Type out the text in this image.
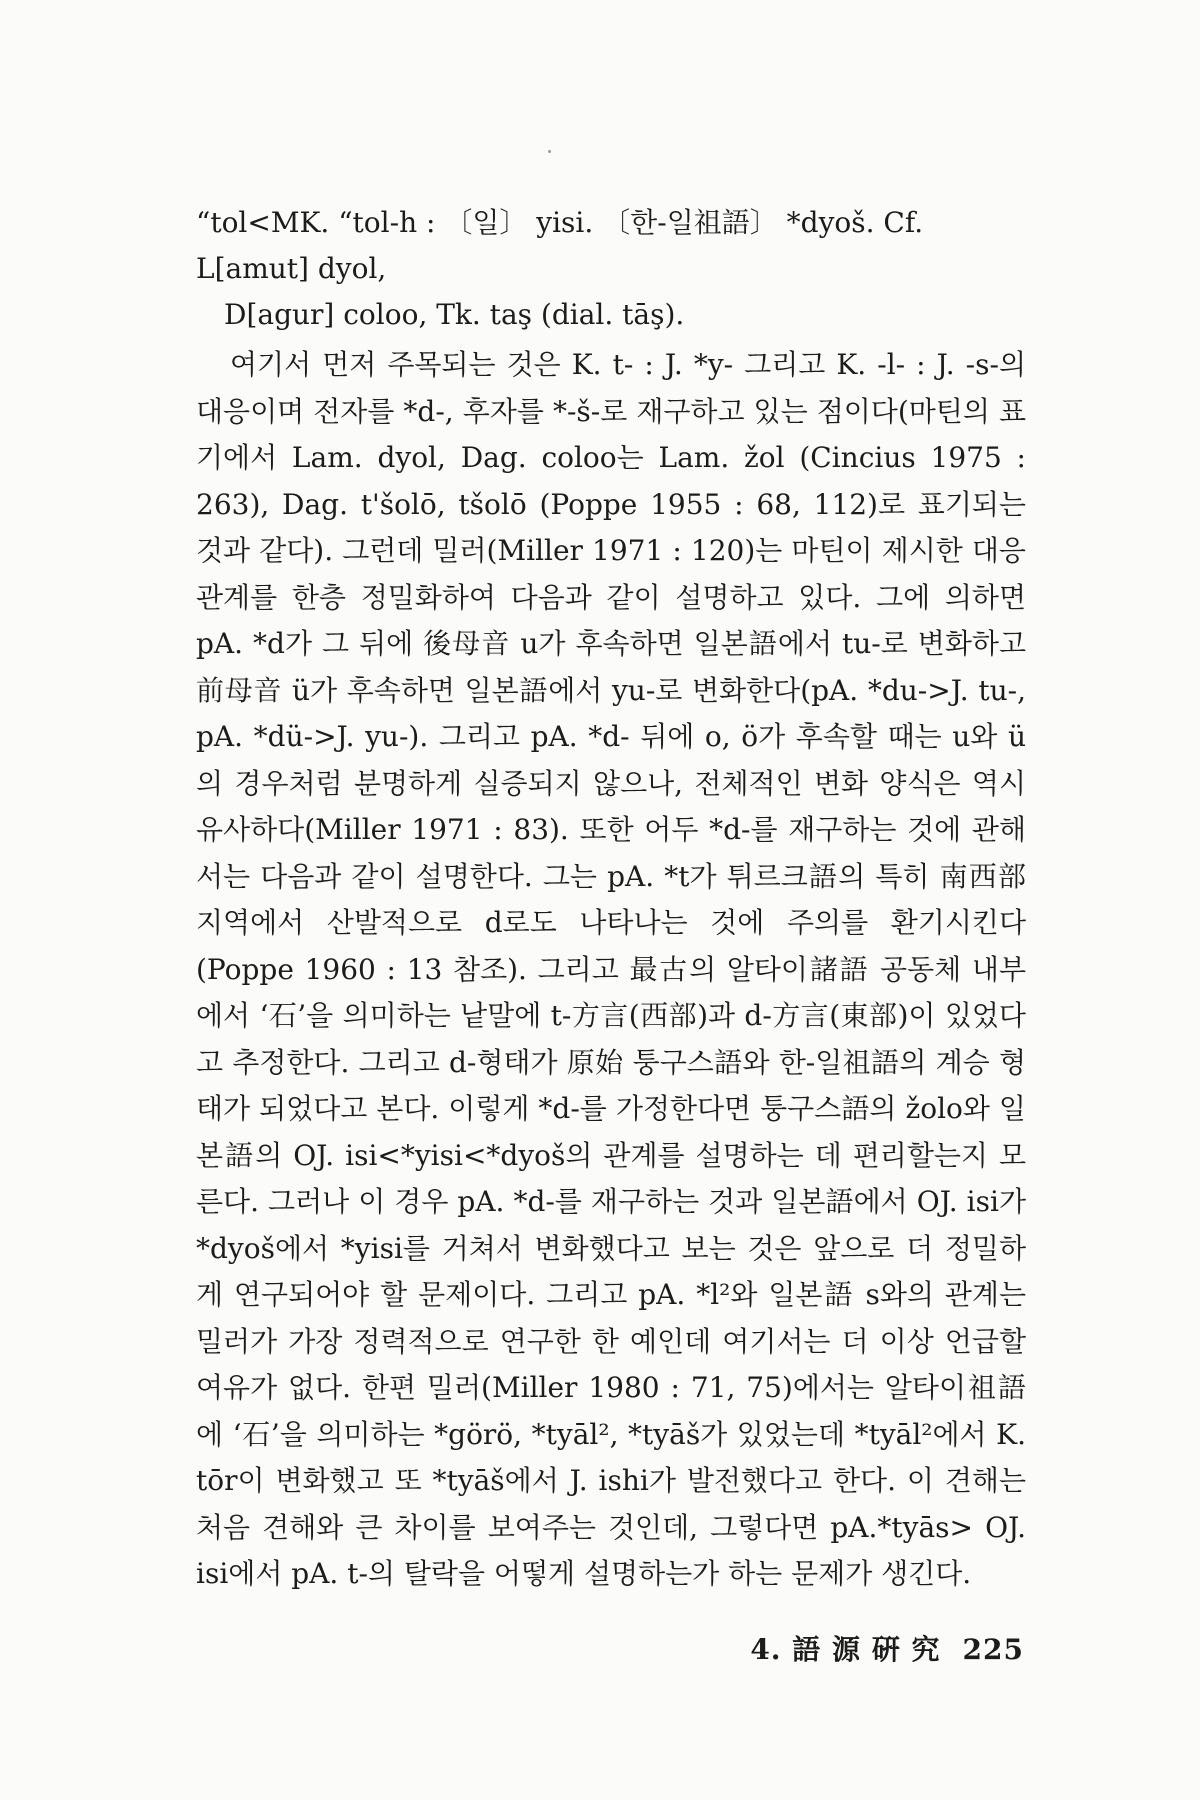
“tol<MK. “tol-h : 〔일〕 yisi. 〔한-일祖語〕 *dyoš. Cf. L[amut] dyol,
D[agur] coloo, Tk. taş (dial. tāş).

여기서 먼저 주목되는 것은 K. t- : J. *y- 그리고 K. -l- : J. -s-의 대응이며 전자를 *d-, 후자를 *-š-로 재구하고 있는 점이다(마틴의 표기에서 Lam. dyol, Dag. coloo는 Lam. žol (Cincius 1975 : 263), Dag. t'šolō, tšolō (Poppe 1955 : 68, 112)로 표기되는 것과 같다). 그런데 밀러(Miller 1971 : 120)는 마틴이 제시한 대응관계를 한층 정밀화하여 다음과 같이 설명하고 있다. 그에 의하면 pA. *d가 그 뒤에 後母音 u가 후속하면 일본語에서 tu-로 변화하고 前母音 ü가 후속하면 일본語에서 yu-로 변화한다(pA. *du->J. tu-, pA. *dü->J. yu-). 그리고 pA. *d- 뒤에 o, ö가 후속할 때는 u와 ü의 경우처럼 분명하게 실증되지 않으나, 전체적인 변화 양식은 역시 유사하다(Miller 1971 : 83). 또한 어두 *d-를 재구하는 것에 관해서는 다음과 같이 설명한다. 그는 pA. *t가 튀르크語의 특히 南西部 지역에서 산발적으로 d로도 나타나는 것에 주의를 환기시킨다(Poppe 1960 : 13 참조). 그리고 最古의 알타이諸語 공동체 내부에서 ‘石’을 의미하는 낱말에 t-方言(西部)과 d-方言(東部)이 있었다고 추정한다. 그리고 d-형태가 原始 퉁구스語와 한-일祖語의 계승 형태가 되었다고 본다. 이렇게 *d-를 가정한다면 퉁구스語의 žolo와 일본語의 OJ. isi<*yisi<*dyoš의 관계를 설명하는 데 편리할는지 모른다. 그러나 이 경우 pA. *d-를 재구하는 것과 일본語에서 OJ. isi가 *dyoš에서 *yisi를 거쳐서 변화했다고 보는 것은 앞으로 더 정밀하게 연구되어야 할 문제이다. 그리고 pA. *l²와 일본語 s와의 관계는 밀러가 가장 정력적으로 연구한 한 예인데 여기서는 더 이상 언급할 여유가 없다. 한편 밀러(Miller 1980 : 71, 75)에서는 알타이祖語에 ‘石’을 의미하는 *görö, *tyāl², *tyāš가 있었는데 *tyāl²에서 K. tōr이 변화했고 또 *tyāš에서 J. ishi가 발전했다고 한다. 이 견해는 처음 견해와 큰 차이를 보여주는 것인데, 그렇다면 pA.*tyās> OJ. isi에서 pA. t-의 탈락을 어떻게 설명하는가 하는 문제가 생긴다.

4. 語 源 硏 究 225
